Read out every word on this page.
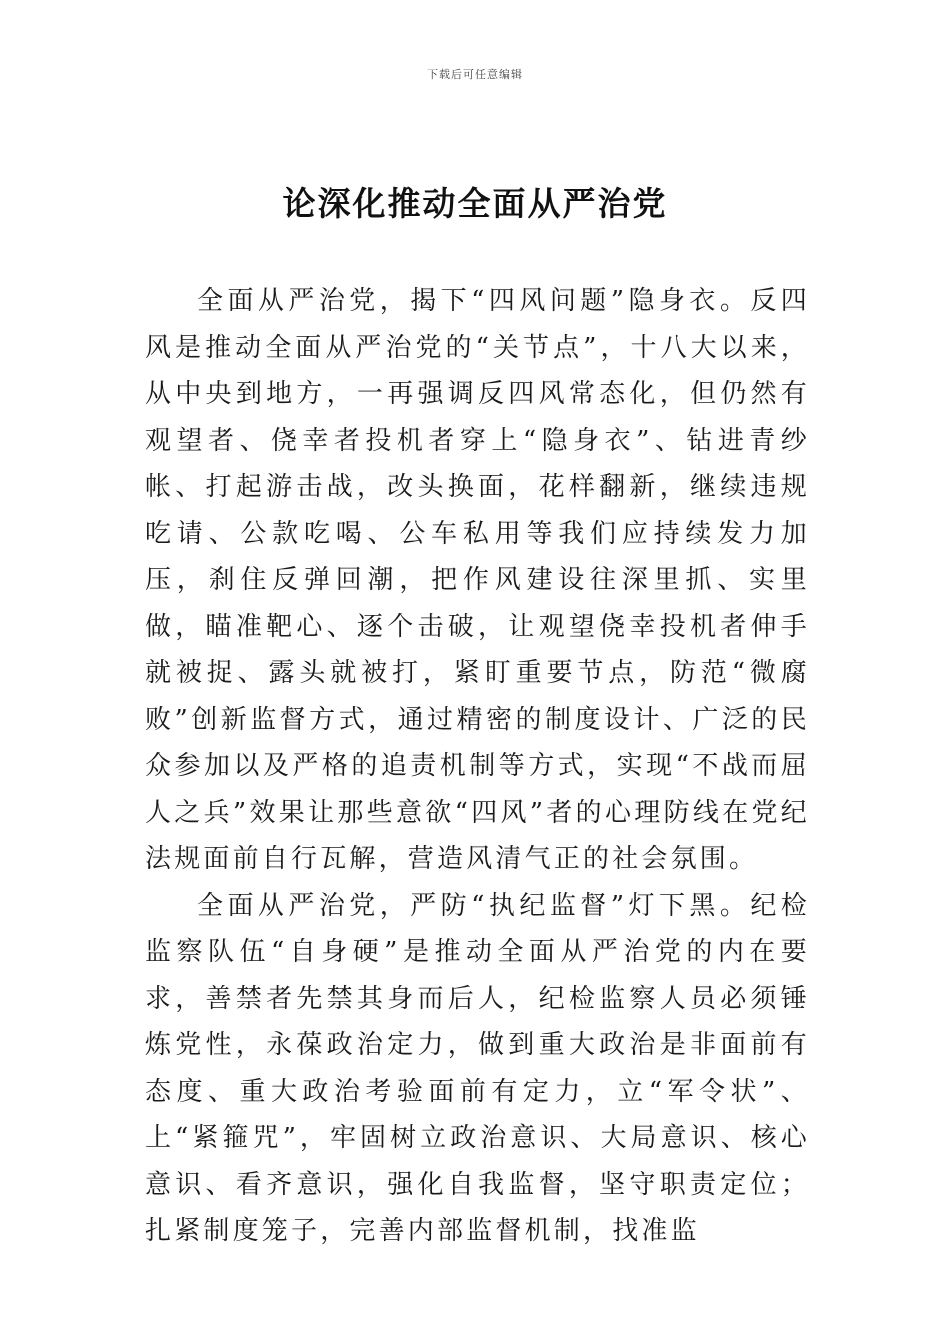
下载后可任意编辑
论深化推动全面从严治党

全面从严治党，揭下“四风问题”隐身衣。反四风是推动全面从严治党的“关节点”，十八大以来，从中央到地方，一再强调反四风常态化，但仍然有观望者、侥幸者投机者穿上“隐身衣”、钻进青纱帐、打起游击战，改头换面，花样翻新，继续违规吃请、公款吃喝、公车私用等我们应持续发力加压，刹住反弹回潮，把作风建设往深里抓、实里做，瞄准靶心、逐个击破，让观望侥幸投机者伸手就被捉、露头就被打，紧盯重要节点，防范“微腐败”创新监督方式，通过精密的制度设计、广泛的民众参加以及严格的追责机制等方式，实现“不战而屈人之兵”效果让那些意欲“四风”者的心理防线在党纪法规面前自行瓦解，营造风清气正的社会氛围。

全面从严治党，严防“执纪监督”灯下黑。纪检监察队伍“自身硬”是推动全面从严治党的内在要求，善禁者先禁其身而后人，纪检监察人员必须锤炼党性，永葆政治定力，做到重大政治是非面前有态度、重大政治考验面前有定力，立“军令状”、上“紧箍咒”，牢固树立政治意识、大局意识、核心意识、看齐意识，强化自我监督，坚守职责定位；扎紧制度笼子，完善内部监督机制，找准监
